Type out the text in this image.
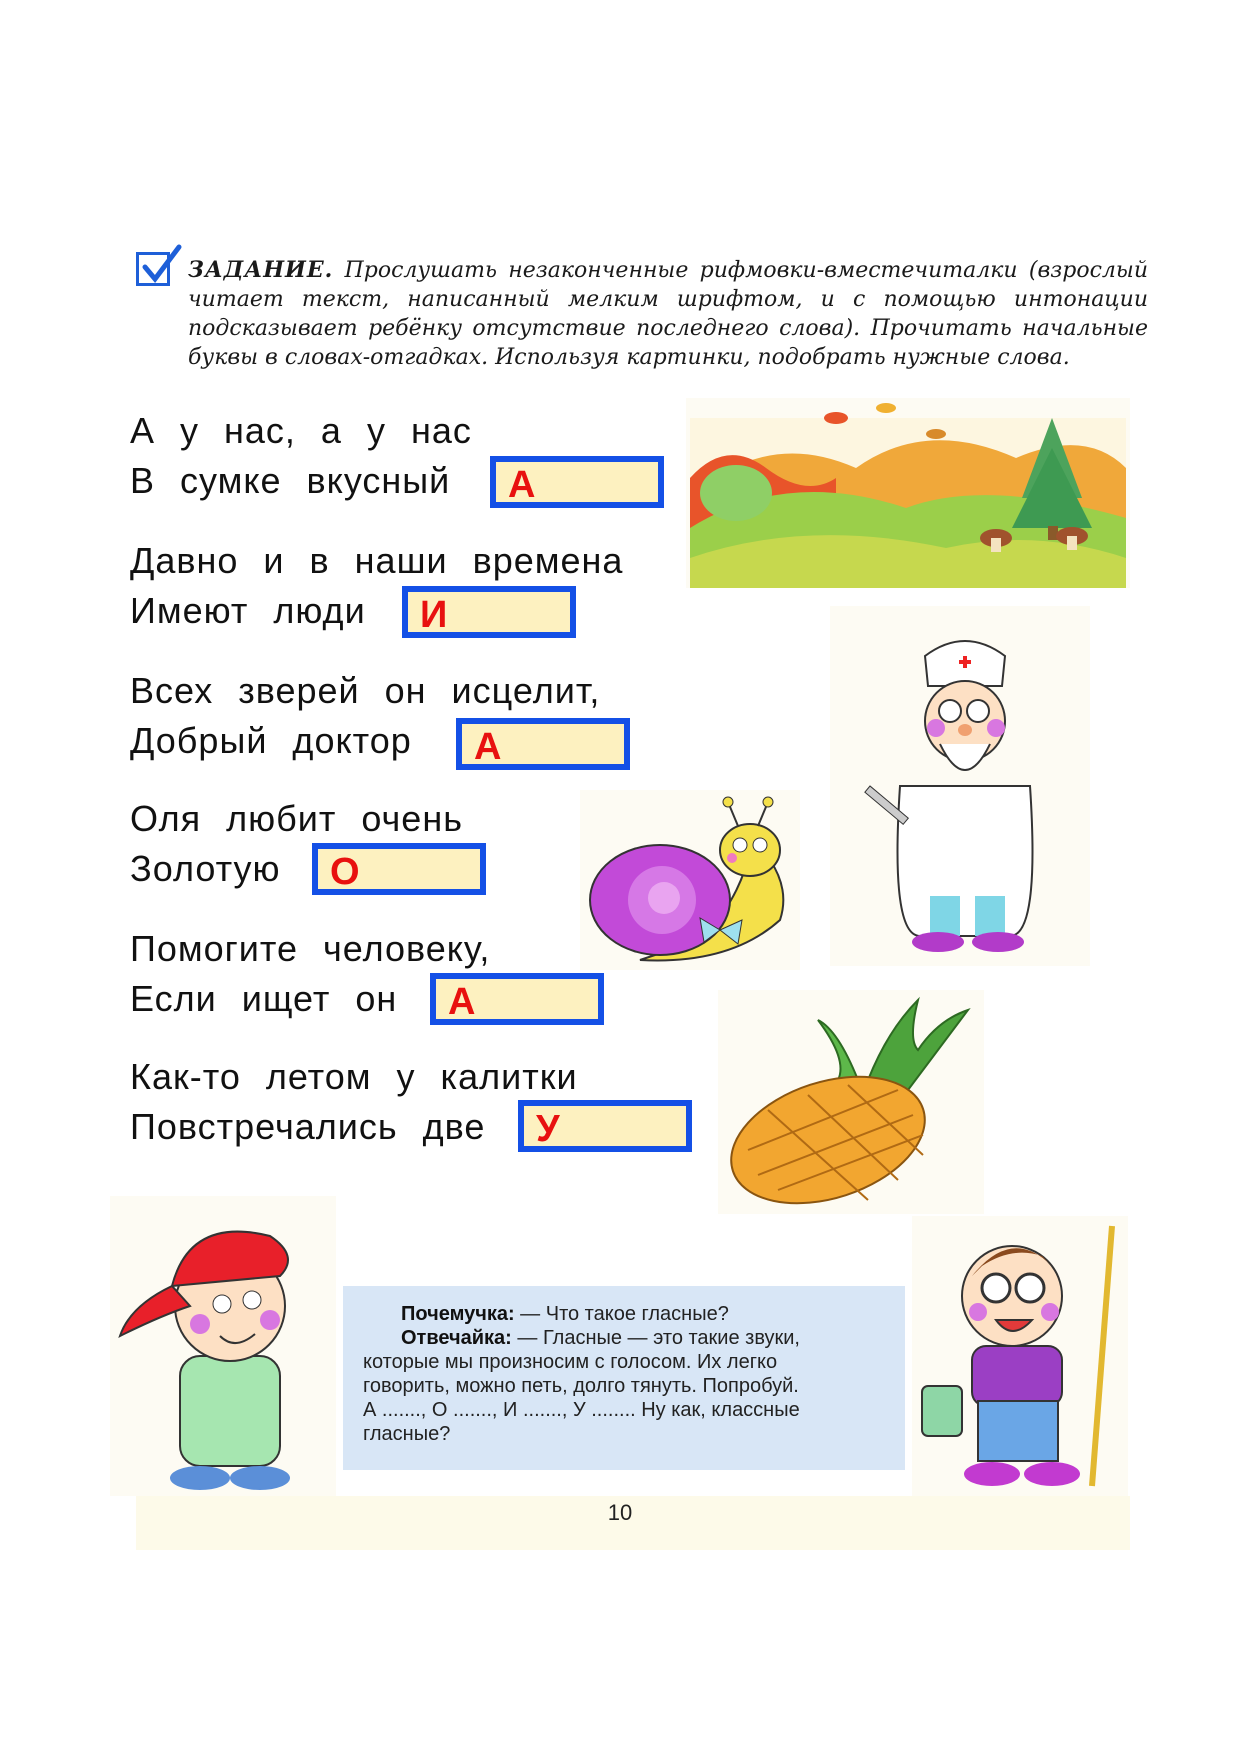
ЗАДАНИЕ. Прослушать незаконченные рифмовки-вместечиталки (взрослый читает текст, написанный мелким шрифтом, и с помощью интонации подсказывает ребёнку отсутствие последнего слова). Прочитать начальные буквы в словах-отгадках. Используя картинки, подобрать нужные слова.
А у нас, а у нас
В сумке вкусный А
Давно и в наши времена
Имеют люди И
Всех зверей он исцелит,
Добрый доктор А
Оля любит очень
Золотую О
Помогите человеку,
Если ищет он А
Как-то летом у калитки
Повстречались две У
Почемучка: — Что такое гласные?
Отвечайка: — Гласные — это такие звуки,
которые мы произносим с голосом. Их легко
говорить, можно петь, долго тянуть. Попробуй.
А ......., О ......., И ......., У ........ Ну как, классные
гласные?
10
